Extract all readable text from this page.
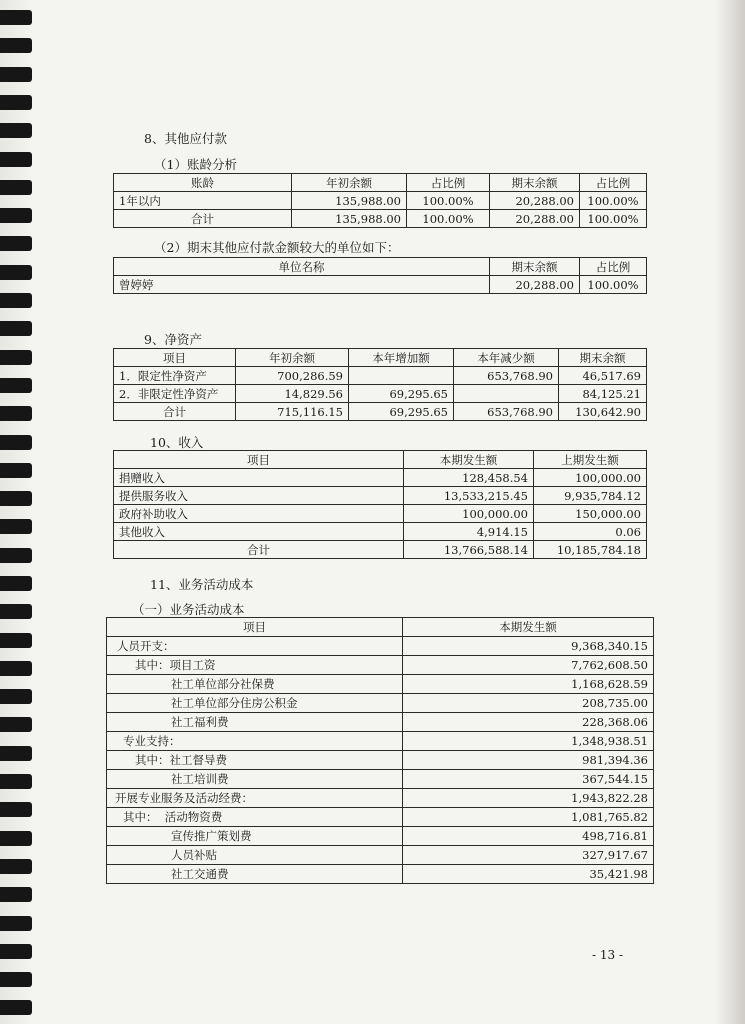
8、其他应付款
（1）账龄分析
账龄	年初余额	占比例	期末余额	占比例
1年以内	135,988.00	100.00%	20,288.00	100.00%
合计	135,988.00	100.00%	20,288.00	100.00%
（2）期末其他应付款金额较大的单位如下：
单位名称	期末余额	占比例
曾婷婷	20,288.00	100.00%
9、净资产
项目	年初余额	本年增加额	本年减少额	期末余额
1．限定性净资产	700,286.59		653,768.90	46,517.69
2．非限定性净资产	14,829.56	69,295.65		84,125.21
合计	715,116.15	69,295.65	653,768.90	130,642.90
10、收入
项目	本期发生额	上期发生额
捐赠收入	128,458.54	100,000.00
提供服务收入	13,533,215.45	9,935,784.12
政府补助收入	100,000.00	150,000.00
其他收入	4,914.15	0.06
合计	13,766,588.14	10,185,784.18
11、业务活动成本
（一）业务活动成本
项目	本期发生额
人员开支：	9,368,340.15
其中：项目工资	7,762,608.50
社工单位部分社保费	1,168,628.59
社工单位部分住房公积金	208,735.00
社工福利费	228,368.06
专业支持：	1,348,938.51
其中：社工督导费	981,394.36
社工培训费	367,544.15
开展专业服务及活动经费：	1,943,822.28
其中：  活动物资费	1,081,765.82
宣传推广策划费	498,716.81
人员补贴	327,917.67
社工交通费	35,421.98
- 13 -
